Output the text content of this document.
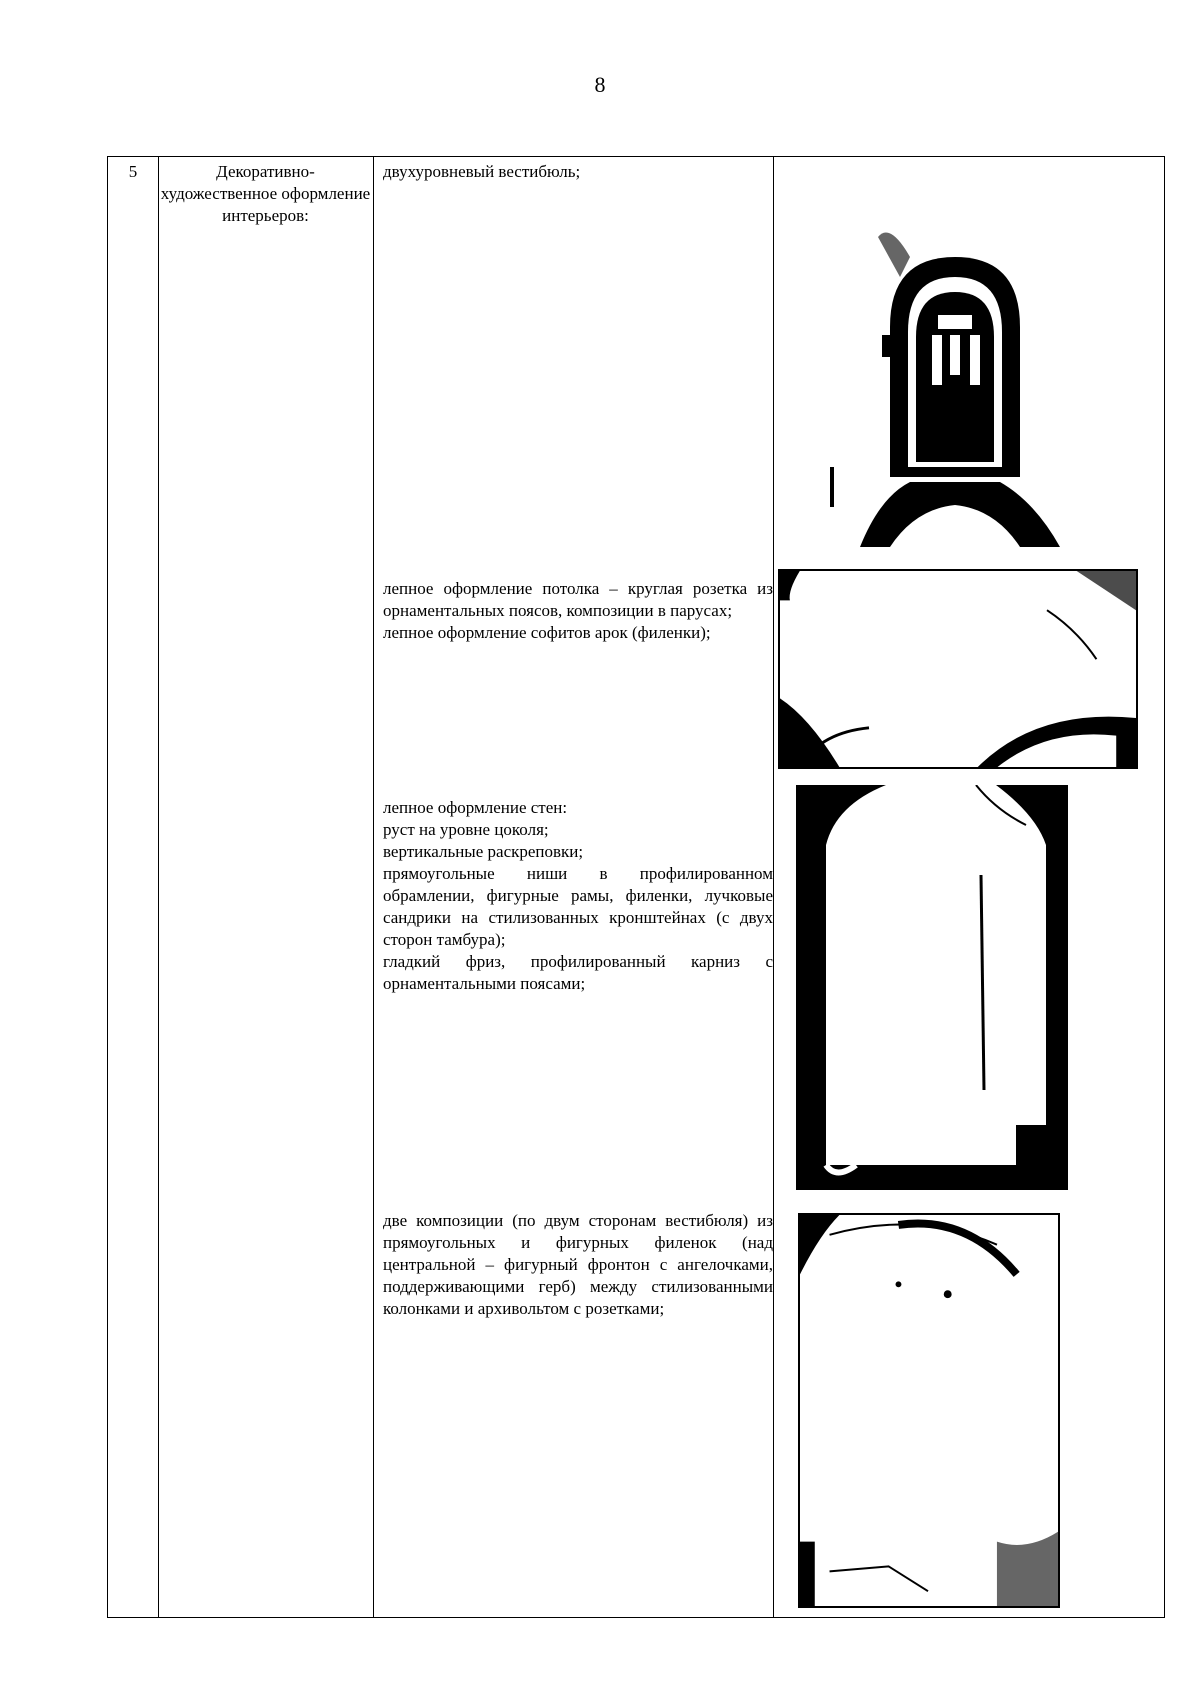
8
5	Декоративно-художественное оформление интерьеров:

двухуровневый вестибюль;

лепное оформление потолка – круглая розетка из орнаментальных поясов, композиции в парусах;

лепное оформление софитов арок (филенки);

лепное оформление стен:

руст на уровне цоколя;

вертикальные раскреповки;

прямоугольные ниши в профилированном обрамлении, фигурные рамы, филенки, лучковые сандрики на стилизованных кронштейнах (с двух сторон тамбура);

гладкий фриз, профилированный карниз с орнаментальными поясами;

две композиции (по двум сторонам вестибюля) из прямоугольных и фигурных филенок (над центральной – фигурный фронтон с ангелочками, поддерживающими герб) между стилизованными колонками и архивольтом с розетками;
